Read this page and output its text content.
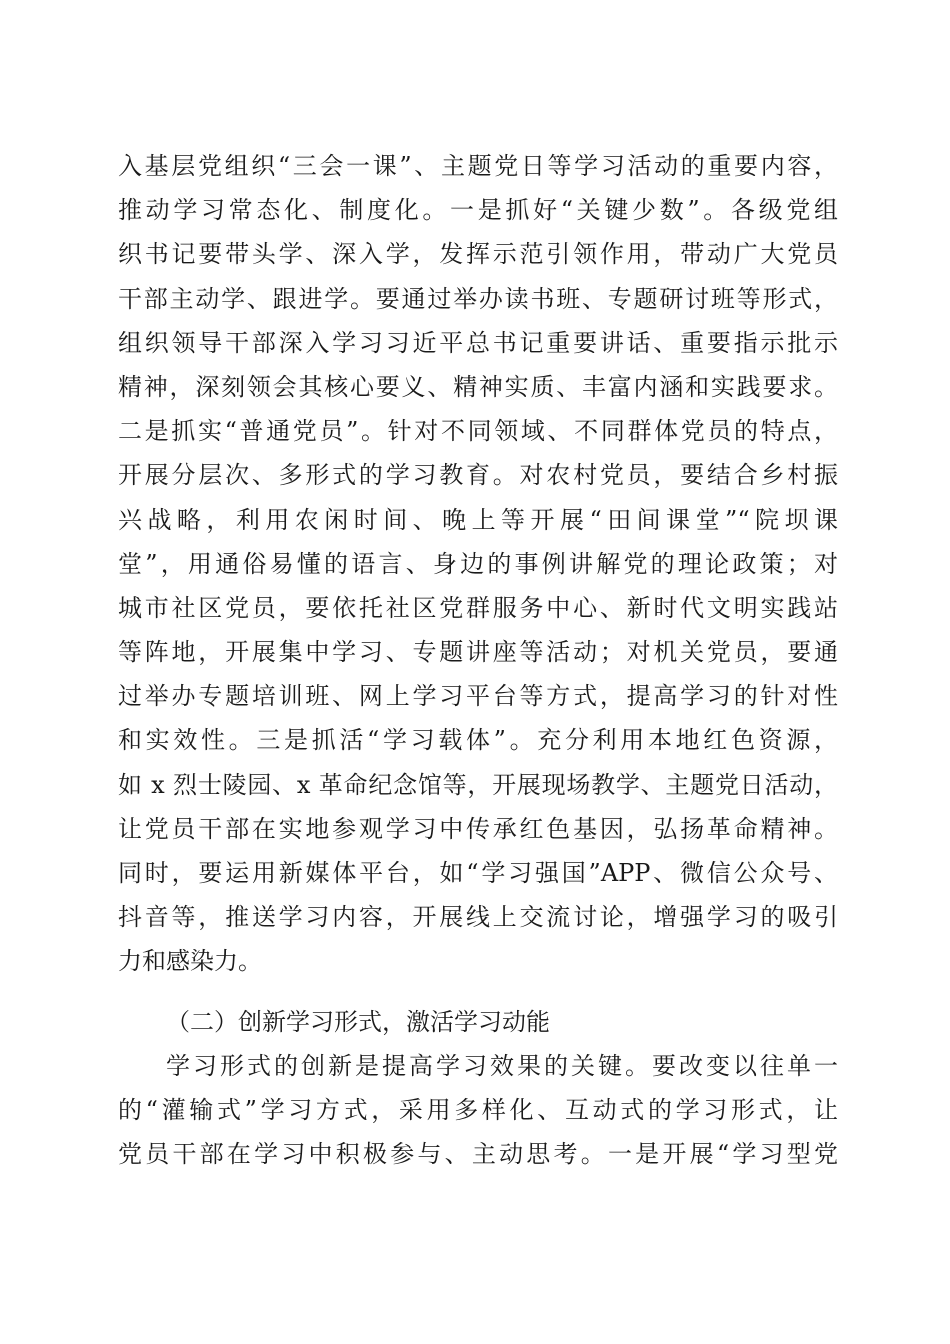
入基层党组织“三会一课”、主题党日等学习活动的重要内容，
推动学习常态化、制度化。一是抓好“关键少数”。各级党组
织书记要带头学、深入学，发挥示范引领作用，带动广大党员
干部主动学、跟进学。要通过举办读书班、专题研讨班等形式，
组织领导干部深入学习习近平总书记重要讲话、重要指示批示
精神，深刻领会其核心要义、精神实质、丰富内涵和实践要求。
二是抓实“普通党员”。针对不同领域、不同群体党员的特点，
开展分层次、多形式的学习教育。对农村党员，要结合乡村振
兴战略，利用农闲时间、晚上等开展“田间课堂”“院坝课
堂”，用通俗易懂的语言、身边的事例讲解党的理论政策；对
城市社区党员，要依托社区党群服务中心、新时代文明实践站
等阵地，开展集中学习、专题讲座等活动；对机关党员，要通
过举办专题培训班、网上学习平台等方式，提高学习的针对性
和实效性。三是抓活“学习载体”。充分利用本地红色资源，
如 x 烈士陵园、x 革命纪念馆等，开展现场教学、主题党日活动，
让党员干部在实地参观学习中传承红色基因，弘扬革命精神。
同时，要运用新媒体平台，如“学习强国”APP、微信公众号、
抖音等，推送学习内容，开展线上交流讨论，增强学习的吸引
力和感染力。
（二）创新学习形式，激活学习动能
学习形式的创新是提高学习效果的关键。要改变以往单一
的“灌输式”学习方式，采用多样化、互动式的学习形式，让
党员干部在学习中积极参与、主动思考。一是开展“学习型党
